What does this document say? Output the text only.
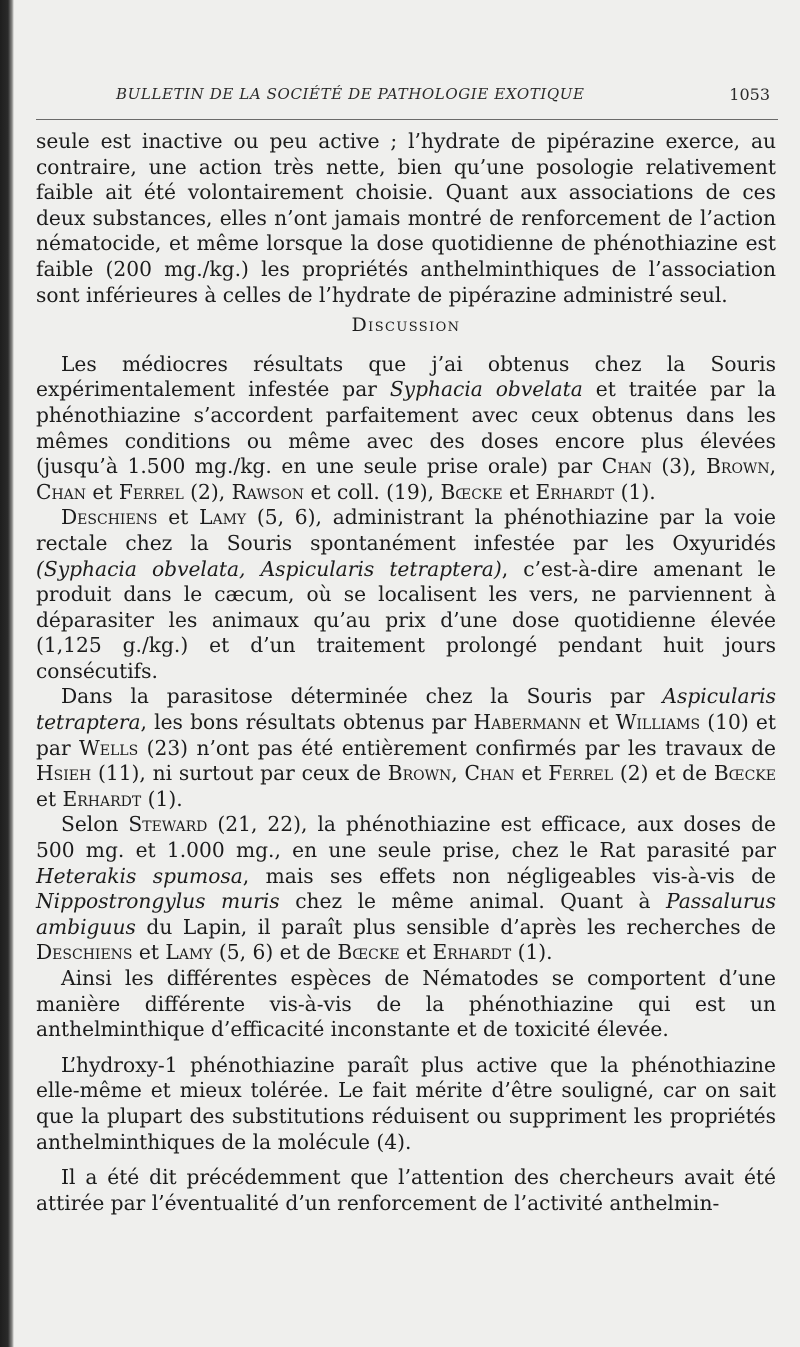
BULLETIN DE LA SOCIÉTÉ DE PATHOLOGIE EXOTIQUE	1053

seule est inactive ou peu active ; l’hydrate de pipérazine exerce, au contraire, une action très nette, bien qu’une posologie relativement faible ait été volontairement choisie. Quant aux associations de ces deux substances, elles n’ont jamais montré de renforcement de l’action nématocide, et même lorsque la dose quotidienne de phénothiazine est faible (200 mg./kg.) les propriétés anthelminthiques de l’association sont inférieures à celles de l’hydrate de pipérazine administré seul.

Discussion

Les médiocres résultats que j’ai obtenus chez la Souris expérimentalement infestée par Syphacia obvelata et traitée par la phénothiazine s’accordent parfaitement avec ceux obtenus dans les mêmes conditions ou même avec des doses encore plus élevées (jusqu’à 1.500 mg./kg. en une seule prise orale) par Chan (3), Brown, Chan et Ferrel (2), Rawson et coll. (19), Bœcke et Erhardt (1).

Deschiens et Lamy (5, 6), administrant la phénothiazine par la voie rectale chez la Souris spontanément infestée par les Oxyuridés (Syphacia obvelata, Aspicularis tetraptera), c’est-à-dire amenant le produit dans le cæcum, où se localisent les vers, ne parviennent à déparasiter les animaux qu’au prix d’une dose quotidienne élevée (1,125 g./kg.) et d’un traitement prolongé pendant huit jours consécutifs.

Dans la parasitose déterminée chez la Souris par Aspicularis tetraptera, les bons résultats obtenus par Habermann et Williams (10) et par Wells (23) n’ont pas été entièrement confirmés par les travaux de Hsieh (11), ni surtout par ceux de Brown, Chan et Ferrel (2) et de Bœcke et Erhardt (1).

Selon Steward (21, 22), la phénothiazine est efficace, aux doses de 500 mg. et 1.000 mg., en une seule prise, chez le Rat parasité par Heterakis spumosa, mais ses effets non négligeables vis-à-vis de Nippostrongylus muris chez le même animal. Quant à Passalurus ambiguus du Lapin, il paraît plus sensible d’après les recherches de Deschiens et Lamy (5, 6) et de Bœcke et Erhardt (1).

Ainsi les différentes espèces de Nématodes se comportent d’une manière différente vis-à-vis de la phénothiazine qui est un anthelminthique d’efficacité inconstante et de toxicité élevée.

L’hydroxy-1 phénothiazine paraît plus active que la phénothiazine elle-même et mieux tolérée. Le fait mérite d’être souligné, car on sait que la plupart des substitutions réduisent ou suppriment les propriétés anthelminthiques de la molécule (4).

Il a été dit précédemment que l’attention des chercheurs avait été attirée par l’éventualité d’un renforcement de l’activité anthelmin-
